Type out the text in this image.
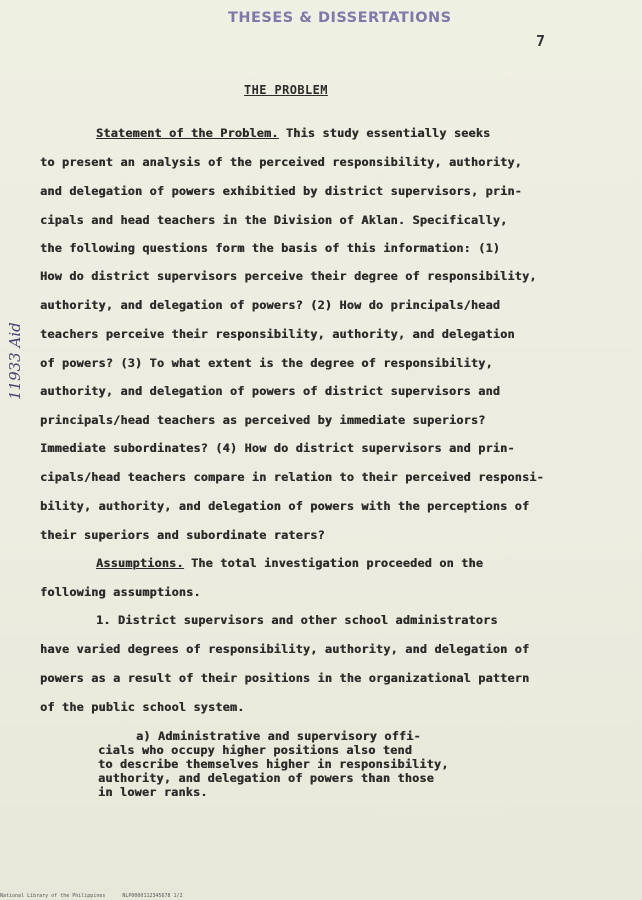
THESES & DISSERTATIONS
7
11933 Aid
THE PROBLEM
Statement of the Problem. This study essentially seeks
to present an analysis of the perceived responsibility, authority,
and delegation of powers exhibitied by district supervisors, prin-
cipals and head teachers in the Division of Aklan. Specifically,
the following questions form the basis of this information: (1)
How do district supervisors perceive their degree of responsibility,
authority, and delegation of powers? (2) How do principals/head
teachers perceive their responsibility, authority, and delegation
of powers? (3) To what extent is the degree of responsibility,
authority, and delegation of powers of district supervisors and
principals/head teachers as perceived by immediate superiors?
Immediate subordinates? (4) How do district supervisors and prin-
cipals/head teachers compare in relation to their perceived responsi-
bility, authority, and delegation of powers with the perceptions of
their superiors and subordinate raters?
Assumptions. The total investigation proceeded on the
following assumptions.
1. District supervisors and other school administrators
have varied degrees of responsibility, authority, and delegation of
powers as a result of their positions in the organizational pattern
of the public school system.
a) Administrative and supervisory offi-
cials who occupy higher positions also tend
to describe themselves higher in responsibility,
authority, and delegation of powers than those
in lower ranks.
National Library of the Philippines	NLP0000112345678 1/2
